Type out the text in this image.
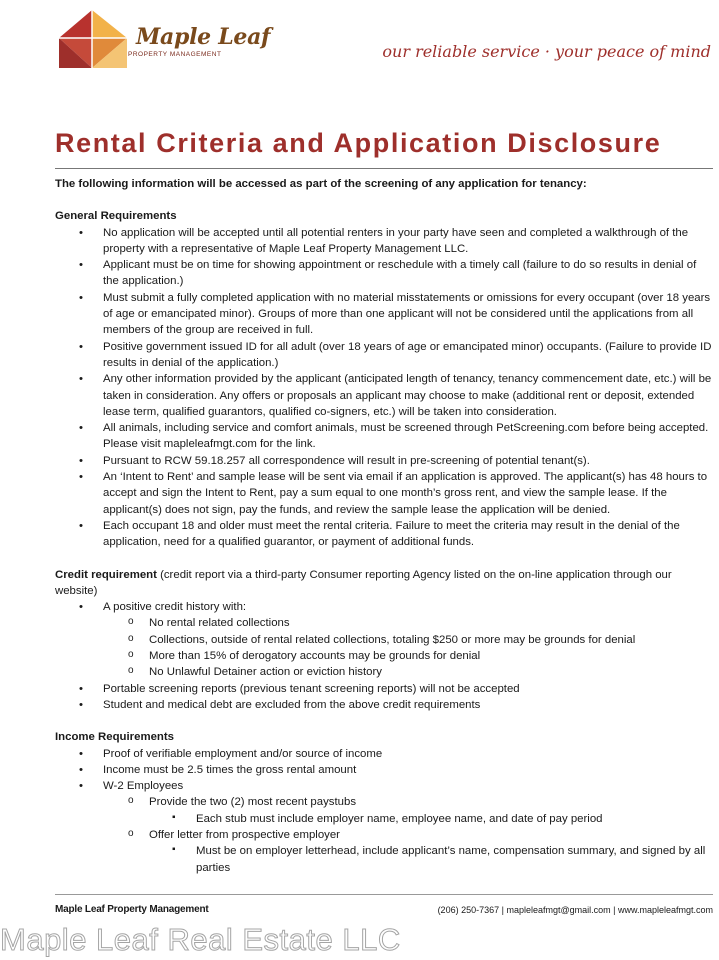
Maple Leaf
PROPERTY MANAGEMENT	our reliable service · your peace of mind
Rental Criteria and Application Disclosure
The following information will be accessed as part of the screening of any application for tenancy:
General Requirements
• No application will be accepted until all potential renters in your party have seen and completed a walkthrough of the property with a representative of Maple Leaf Property Management LLC.
• Applicant must be on time for showing appointment or reschedule with a timely call (failure to do so results in denial of the application.)
• Must submit a fully completed application with no material misstatements or omissions for every occupant (over 18 years of age or emancipated minor). Groups of more than one applicant will not be considered until the applications from all members of the group are received in full.
• Positive government issued ID for all adult (over 18 years of age or emancipated minor) occupants. (Failure to provide ID results in denial of the application.)
• Any other information provided by the applicant (anticipated length of tenancy, tenancy commencement date, etc.) will be taken in consideration. Any offers or proposals an applicant may choose to make (additional rent or deposit, extended lease term, qualified guarantors, qualified co-signers, etc.) will be taken into consideration.
• All animals, including service and comfort animals, must be screened through PetScreening.com before being accepted. Please visit mapleleafmgt.com for the link.
• Pursuant to RCW 59.18.257 all correspondence will result in pre-screening of potential tenant(s).
• An ‘Intent to Rent’ and sample lease will be sent via email if an application is approved. The applicant(s) has 48 hours to accept and sign the Intent to Rent, pay a sum equal to one month’s gross rent, and view the sample lease. If the applicant(s) does not sign, pay the funds, and review the sample lease the application will be denied.
• Each occupant 18 and older must meet the rental criteria. Failure to meet the criteria may result in the denial of the application, need for a qualified guarantor, or payment of additional funds.
Credit requirement (credit report via a third-party Consumer reporting Agency listed on the on-line application through our website)
• A positive credit history with:
o No rental related collections
o Collections, outside of rental related collections, totaling $250 or more may be grounds for denial
o More than 15% of derogatory accounts may be grounds for denial
o No Unlawful Detainer action or eviction history
• Portable screening reports (previous tenant screening reports) will not be accepted
• Student and medical debt are excluded from the above credit requirements
Income Requirements
• Proof of verifiable employment and/or source of income
• Income must be 2.5 times the gross rental amount
• W-2 Employees
o Provide the two (2) most recent paystubs
▪ Each stub must include employer name, employee name, and date of pay period
o Offer letter from prospective employer
▪ Must be on employer letterhead, include applicant’s name, compensation summary, and signed by all parties
Maple Leaf Property Management	(206) 250-7367 | mapleleafmgt@gmail.com | www.mapleleafmgt.com
Maple Leaf Real Estate LLC
